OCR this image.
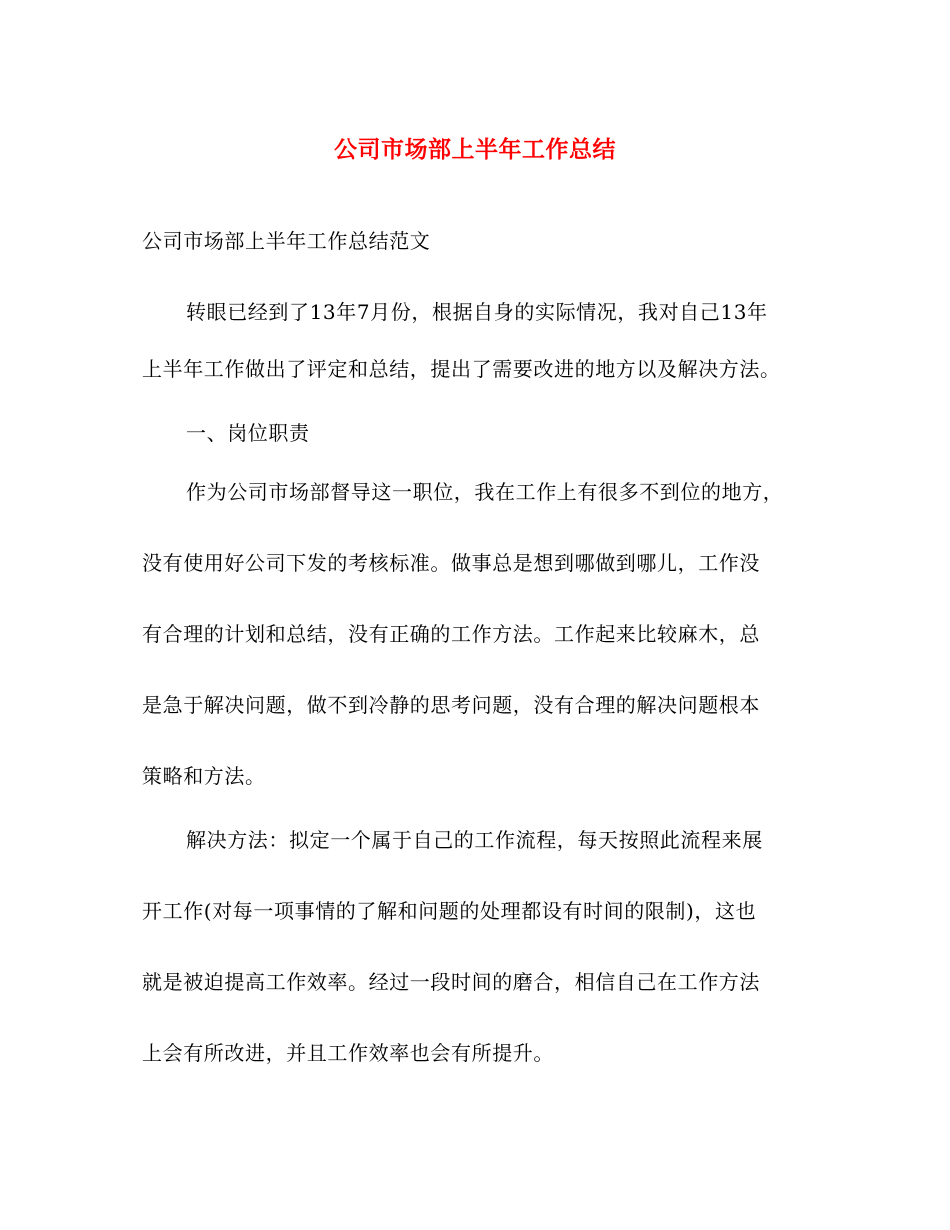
公司市场部上半年工作总结
公司市场部上半年工作总结范文
转眼已经到了13年7月份，根据自身的实际情况，我对自己13年
上半年工作做出了评定和总结，提出了需要改进的地方以及解决方法。
一、岗位职责
作为公司市场部督导这一职位，我在工作上有很多不到位的地方，
没有使用好公司下发的考核标准。做事总是想到哪做到哪儿，工作没
有合理的计划和总结，没有正确的工作方法。工作起来比较麻木，总
是急于解决问题，做不到冷静的思考问题，没有合理的解决问题根本
策略和方法。
解决方法：拟定一个属于自己的工作流程，每天按照此流程来展
开工作(对每一项事情的了解和问题的处理都设有时间的限制)，这也
就是被迫提高工作效率。经过一段时间的磨合，相信自己在工作方法
上会有所改进，并且工作效率也会有所提升。
